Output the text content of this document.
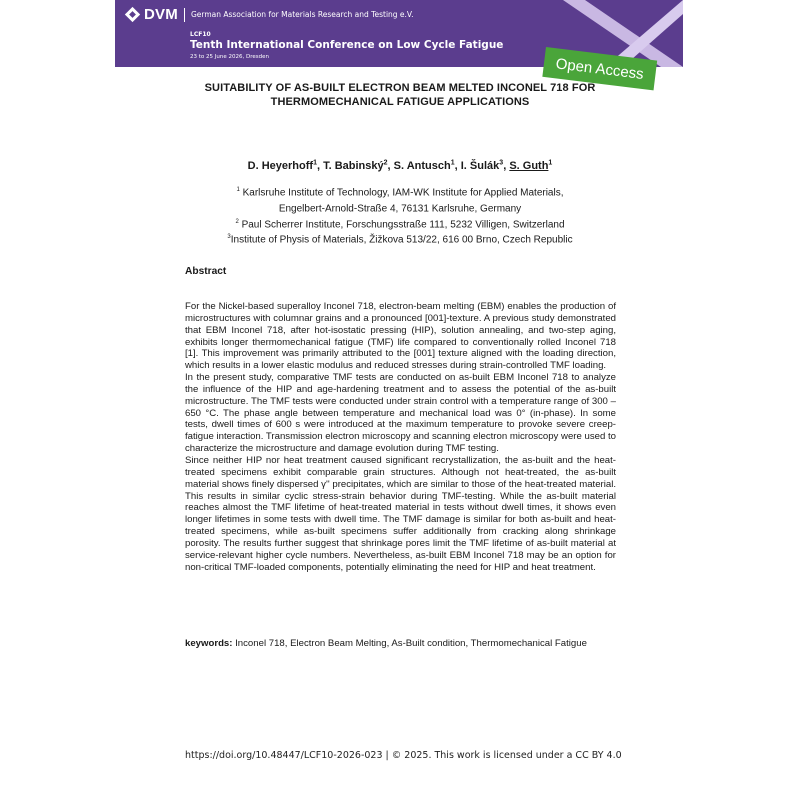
DVM German Association for Materials Research and Testing e.V.
LCF10
Tenth International Conference on Low Cycle Fatigue
23 to 25 June 2026, Dresden	Open Access
SUITABILITY OF AS-BUILT ELECTRON BEAM MELTED INCONEL 718 FOR
THERMOMECHANICAL FATIGUE APPLICATIONS
D. Heyerhoff$^1$, T. Babinský$^2$, S. Antusch$^1$, I. Šulák$^3$, S. Guth$^1$
$^1$ Karlsruhe Institute of Technology, IAM-WK Institute for Applied Materials,
Engelbert-Arnold-Straße 4, 76131 Karlsruhe, Germany
$^2$ Paul Scherrer Institute, Forschungsstraße 111, 5232 Villigen, Switzerland
$^3$Institute of Physis of Materials, Žižkova 513/22, 616 00 Brno, Czech Republic
Abstract

For the Nickel-based superalloy Inconel 718, electron-beam melting (EBM) enables the production of microstructures with columnar grains and a pronounced [001]-texture. A previous study demonstrated that EBM Inconel 718, after hot-isostatic pressing (HIP), solution annealing, and two-step aging, exhibits longer thermomechanical fatigue (TMF) life compared to conventionally rolled Inconel 718 [1]. This improvement was primarily attributed to the [001] texture aligned with the loading direction, which results in a lower elastic modulus and reduced stresses during strain-controlled TMF loading.

In the present study, comparative TMF tests are conducted on as-built EBM Inconel 718 to analyze the influence of the HIP and age-hardening treatment and to assess the potential of the as-built microstructure. The TMF tests were conducted under strain control with a temperature range of 300 – 650 °C. The phase angle between temperature and mechanical load was 0° (in-phase). In some tests, dwell times of 600 s were introduced at the maximum temperature to provoke severe creep-fatigue interaction. Transmission electron microscopy and scanning electron microscopy were used to characterize the microstructure and damage evolution during TMF testing.

Since neither HIP nor heat treatment caused significant recrystallization, the as-built and the heat-treated specimens exhibit comparable grain structures. Although not heat-treated, the as-built material shows finely dispersed γ'' precipitates, which are similar to those of the heat-treated material. This results in similar cyclic stress-strain behavior during TMF-testing. While the as-built material reaches almost the TMF lifetime of heat-treated material in tests without dwell times, it shows even longer lifetimes in some tests with dwell time. The TMF damage is similar for both as-built and heat-treated specimens, while as-built specimens suffer additionally from cracking along shrinkage porosity. The results further suggest that shrinkage pores limit the TMF lifetime of as-built material at service-relevant higher cycle numbers. Nevertheless, as-built EBM Inconel 718 may be an option for non-critical TMF-loaded components, potentially eliminating the need for HIP and heat treatment.

keywords: Inconel 718, Electron Beam Melting, As-Built condition, Thermomechanical Fatigue
https://doi.org/10.48447/LCF10-2026-023 | © 2025. This work is licensed under a CC BY 4.0
